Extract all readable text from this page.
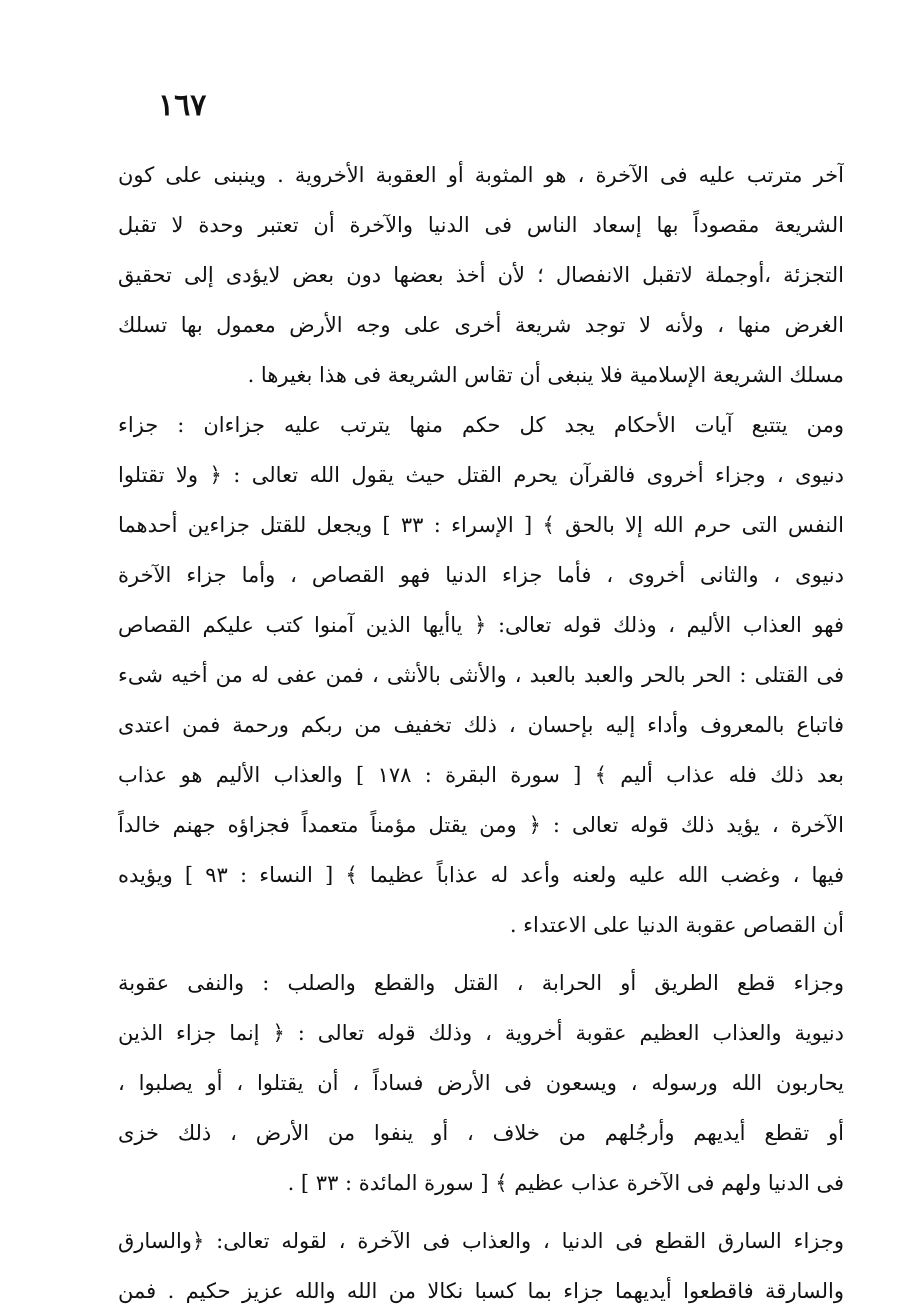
١٦٧
آخر مترتب عليه فى الآخرة ، هو المثوبة أو العقوبة الأخروية . وينبنى على كون
الشريعة مقصوداً بها إسعاد الناس فى الدنيا والآخرة أن تعتبر وحدة لا تقبل
التجزئة ،أوجملة لاتقبل الانفصال ؛ لأن أخذ بعضها دون بعض لايؤدى إلى تحقيق
الغرض منها ، ولأنه لا توجد شريعة أخرى على وجه الأرض معمول بها تسلك
مسلك الشريعة الإسلامية فلا ينبغى أن تقاس الشريعة فى هذا بغيرها .
ومن يتتبع آيات الأحكام يجد كل حكم منها يترتب عليه جزاءان : جزاء
دنيوى ، وجزاء أخروى فالقرآن يحرم القتل حيث يقول الله تعالى : ﴿ ولا تقتلوا
النفس التى حرم الله إلا بالحق ﴾ [ الإسراء : ٣٣ ] ويجعل للقتل جزاءين أحدهما
دنيوى ، والثانى أخروى ، فأما جزاء الدنيا فهو القصاص ، وأما جزاء الآخرة
فهو العذاب الأليم ، وذلك قوله تعالى: ﴿ ياأيها الذين آمنوا كتب عليكم القصاص
فى القتلى : الحر بالحر والعبد بالعبد ، والأنثى بالأنثى ، فمن عفى له من أخيه شىء
فاتباع بالمعروف وأداء إليه بإحسان ، ذلك تخفيف من ربكم ورحمة فمن اعتدى
بعد ذلك فله عذاب أليم ﴾ [ سورة البقرة : ١٧٨ ] والعذاب الأليم هو عذاب
الآخرة ، يؤيد ذلك قوله تعالى : ﴿ ومن يقتل مؤمناً متعمداً فجزاؤه جهنم خالداً
فيها ، وغضب الله عليه ولعنه وأعد له عذاباً عظيما ﴾ [ النساء : ٩٣ ] ويؤيده
أن القصاص عقوبة الدنيا على الاعتداء .
وجزاء قطع الطريق أو الحرابة ، القتل والقطع والصلب : والنفى عقوبة
دنيوية والعذاب العظيم عقوبة أخروية ، وذلك قوله تعالى : ﴿ إنما جزاء الذين
يحاربون الله ورسوله ، ويسعون فى الأرض فساداً ، أن يقتلوا ، أو يصلبوا ،
أو تقطع أيديهم وأرجُلهم من خلاف ، أو ينفوا من الأرض ، ذلك خزى
فى الدنيا ولهم فى الآخرة عذاب عظيم ﴾ [ سورة المائدة : ٣٣ ] .
وجزاء السارق القطع فى الدنيا ، والعذاب فى الآخرة ، لقوله تعالى: ﴿والسارق
والسارقة فاقطعوا أيديهما جزاء بما كسبا نكالا من الله والله عزيز حكيم . فمن
